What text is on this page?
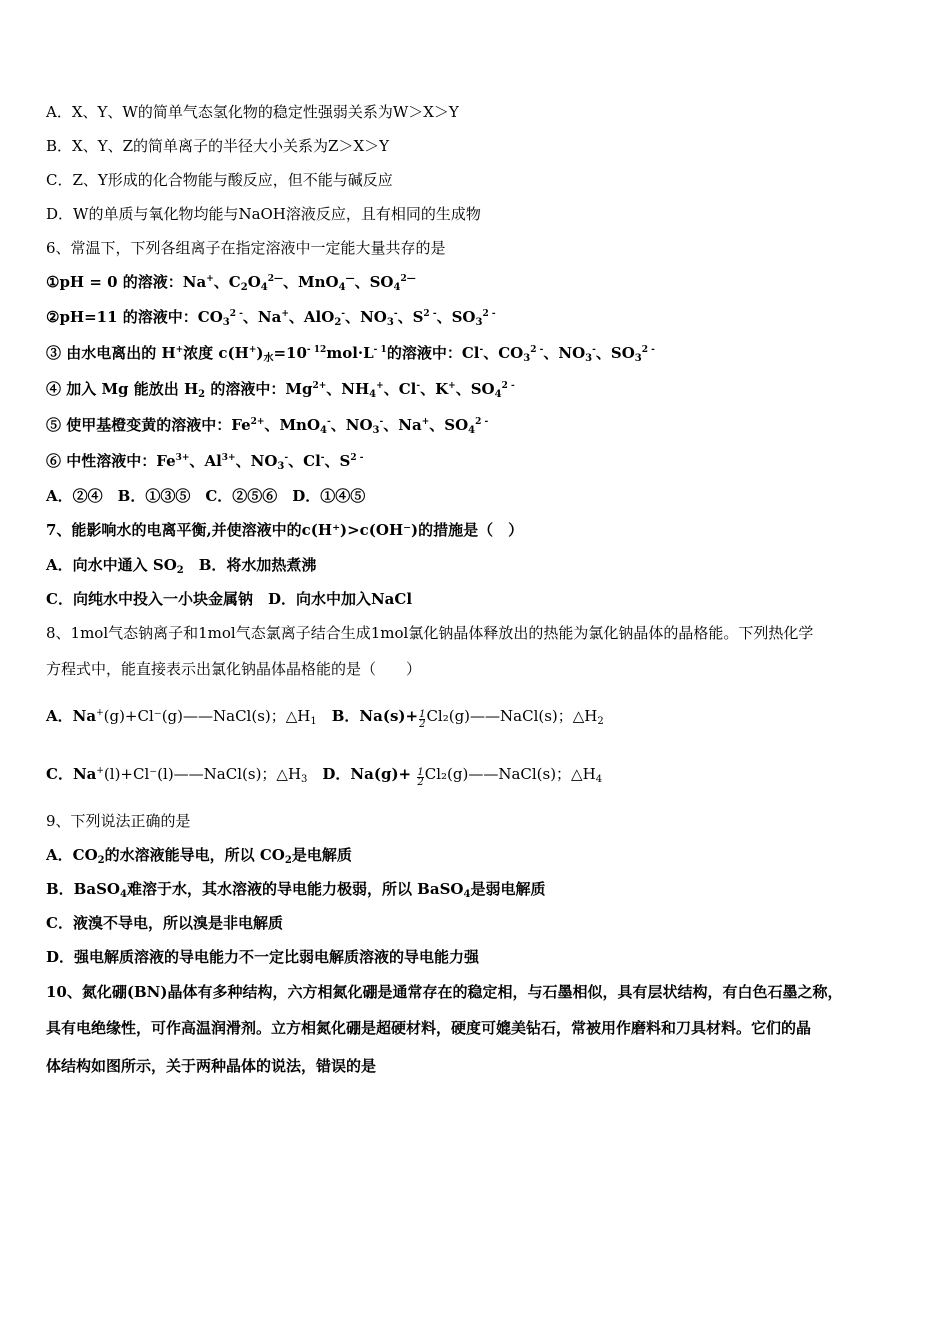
A．X、Y、W的简单气态氢化物的稳定性强弱关系为W＞X＞Y
B．X、Y、Z的简单离子的半径大小关系为Z＞X＞Y
C．Z、Y形成的化合物能与酸反应，但不能与碱反应
D．W的单质与氧化物均能与NaOH溶液反应，且有相同的生成物
6、常温下，下列各组离子在指定溶液中一定能大量共存的是
①pH = 0 的溶液：Na+、$C_2O_4^{2—}$、MnO$_4$—、$SO_4^{2—}$
②pH=11 的溶液中：$CO_3^{2 -}$、Na+、AlO$_2$-、$NO_3^-$、$S^{2 -}$、$SO_3^{2 -}$
③ 由水电离出的 H+浓度 $c(H^+)_水=10^{- 12}mol\cdot L^{- 1}$的溶液中：Cl-、$CO_3^{2 -}$、$NO_3^-$、$SO_3^{2 -}$
④ 加入 Mg 能放出 $H_2$ 的溶液中：$Mg^{2+}$、$NH_4^+$、Cl-、K+、$SO_4^{2 -}$
⑤ 使甲基橙变黄的溶液中：$Fe^{2+}$、MnO$_4$-、$NO_3^-$、Na+、$SO_4^{2 -}$
⑥ 中性溶液中：$Fe^{3+}$、$Al^{3+}$、$NO_3^-$、Cl-、$S^{2 -}$
A．②④　B．①③⑤　C．②⑤⑥　D．①④⑤
7、能影响水的电离平衡,并使溶液中的c(H⁺)>c(OH⁻)的措施是（　）
A．向水中通入 $SO_2$　B．将水加热煮沸
C．向纯水中投入一小块金属钠　D．向水中加入NaCl
8、1mol气态钠离子和1mol气态氯离子结合生成1mol氯化钠晶体释放出的热能为氯化钠晶体的晶格能。下列热化学
方程式中，能直接表示出氯化钠晶体晶格能的是（　　）
A．Na+(g)+Cl⁻(g)——NaCl(s)；$\triangle H_1$　B．$Na(s)+ \frac{1}{2}$ Cl₂(g)——NaCl(s)；$\triangle H_2$
C．Na+(l)+Cl⁻(l)——NaCl(s)；$\triangle H_3$　D．$Na(g)+ \frac{1}{2}$ Cl₂(g)——NaCl(s)；$\triangle H_4$
9、下列说法正确的是
A．$CO_2$的水溶液能导电，所以 $CO_2$是电解质
B．BaSO$_4$难溶于水，其水溶液的导电能力极弱，所以 BaSO$_4$是弱电解质
C．液溴不导电，所以溴是非电解质
D．强电解质溶液的导电能力不一定比弱电解质溶液的导电能力强
10、氮化硼(BN)晶体有多种结构，六方相氮化硼是通常存在的稳定相，与石墨相似，具有层状结构，有白色石墨之称，
具有电绝缘性，可作高温润滑剂。立方相氮化硼是超硬材料，硬度可媲美钻石，常被用作磨料和刀具材料。它们的晶
体结构如图所示，关于两种晶体的说法，错误的是
